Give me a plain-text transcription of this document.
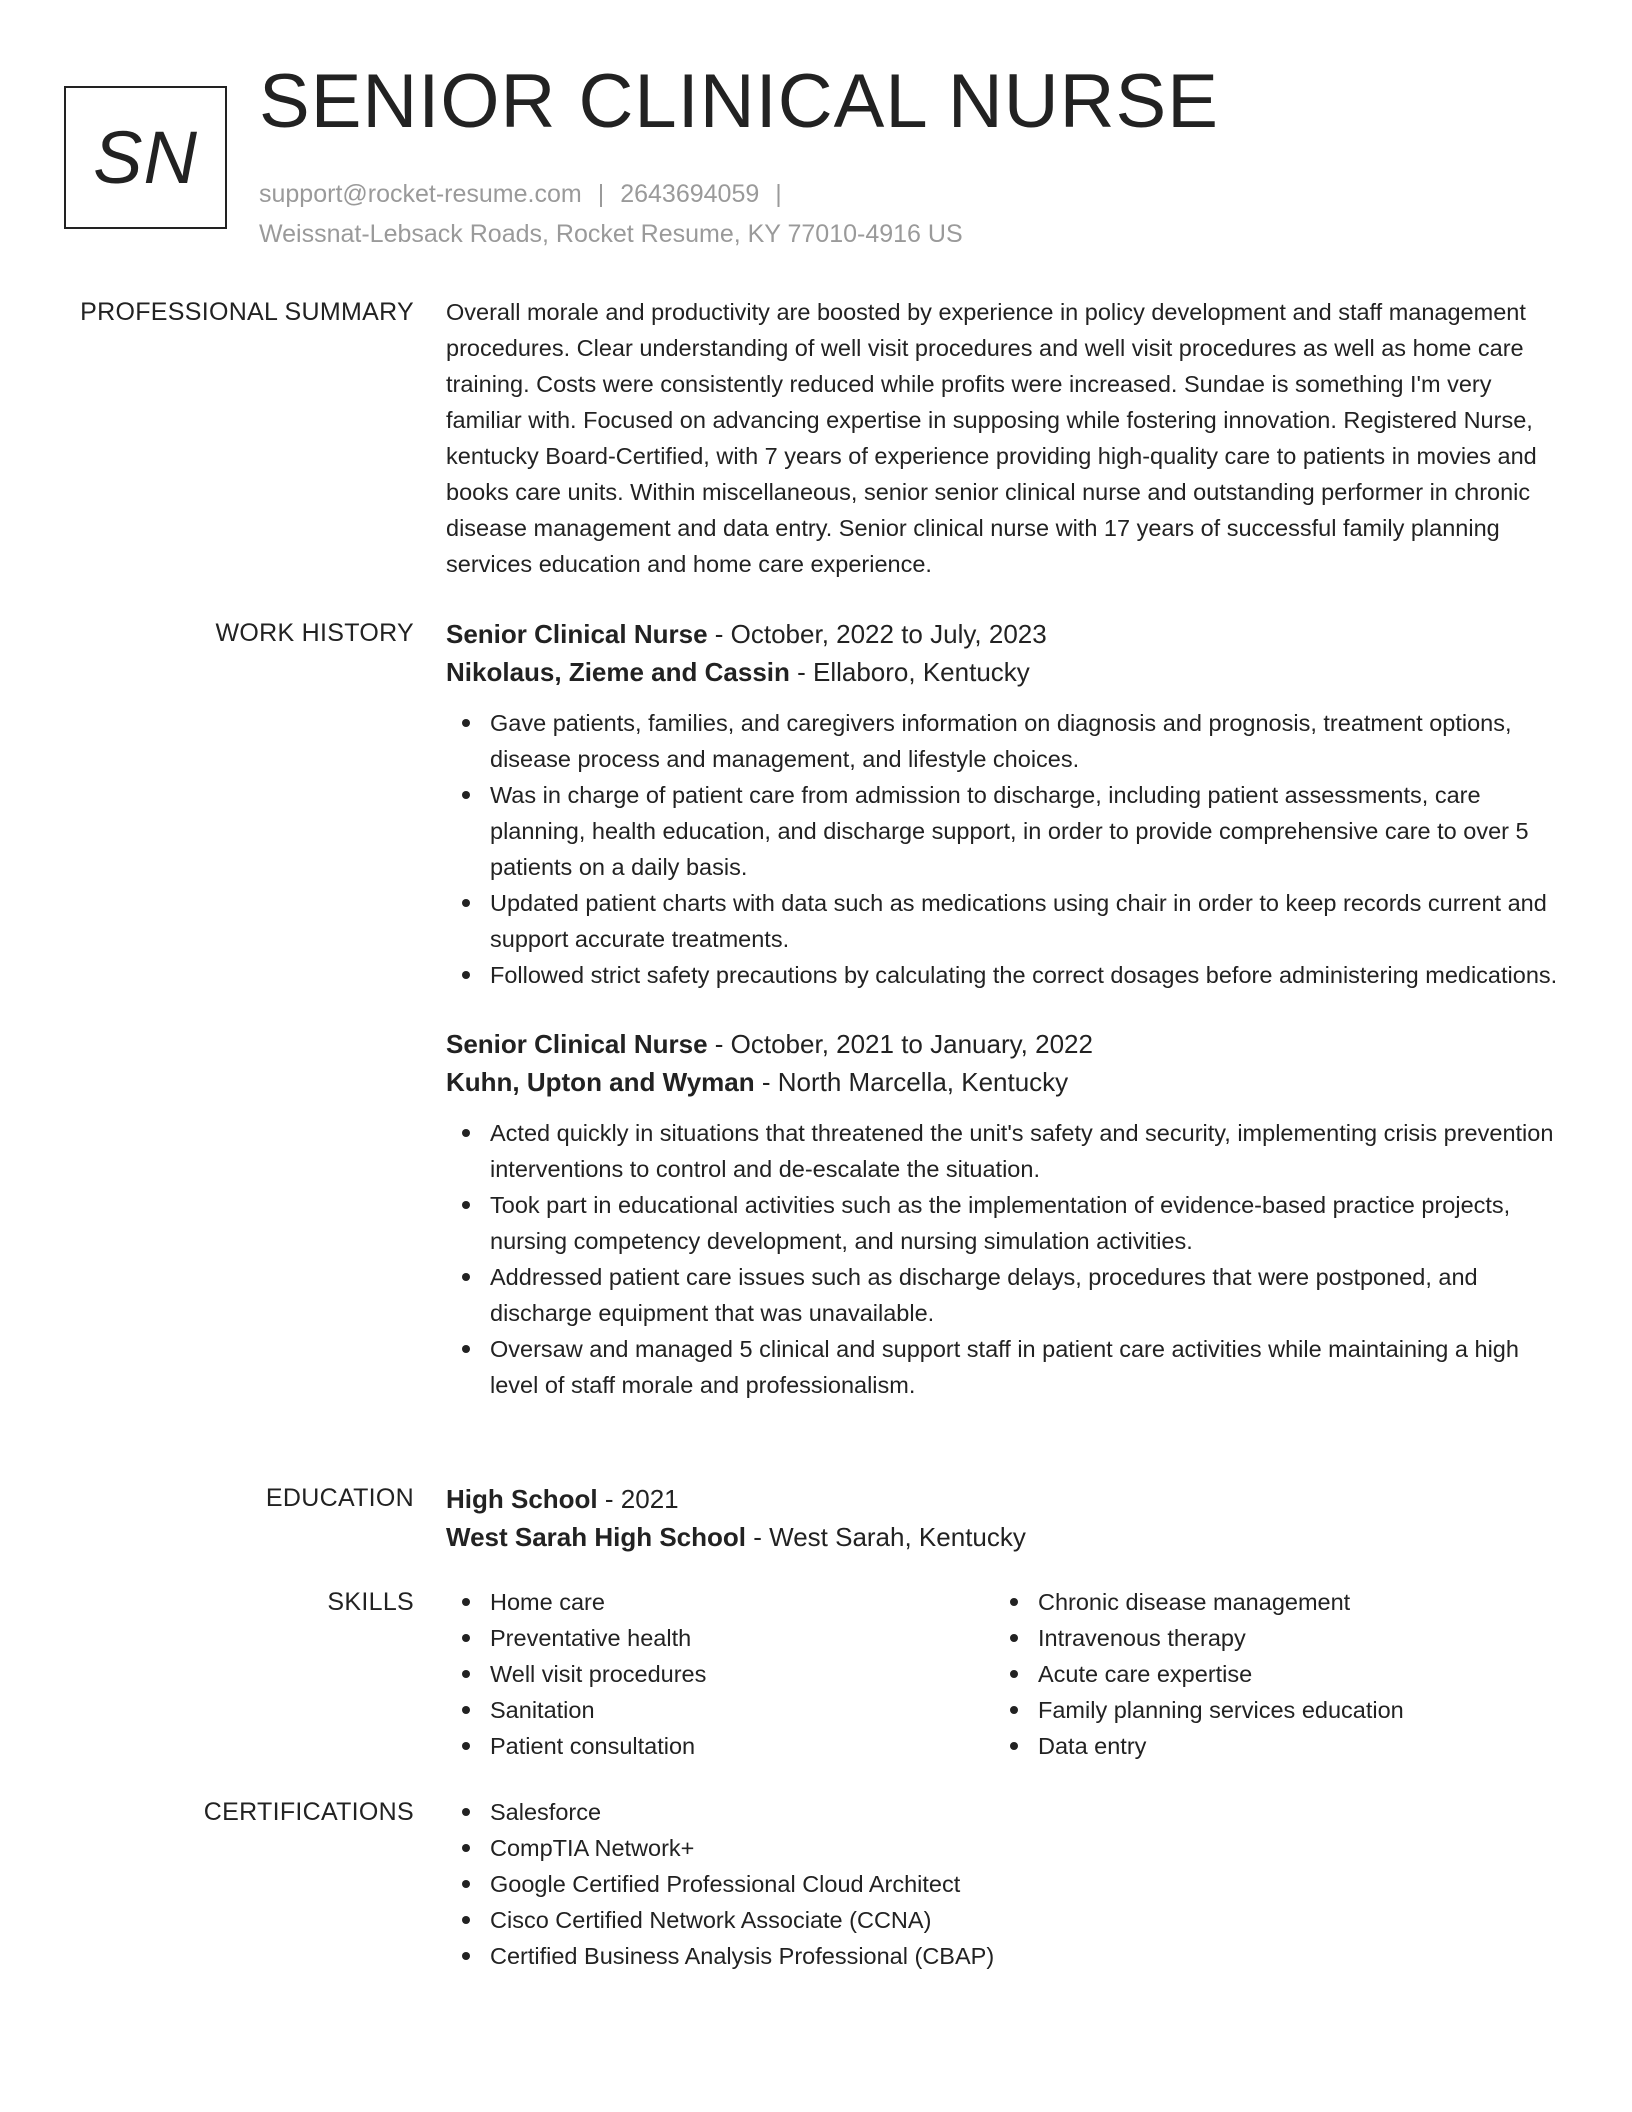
SN
SENIOR CLINICAL NURSE
support@rocket-resume.com | 2643694059 |
Weissnat-Lebsack Roads, Rocket Resume, KY 77010-4916 US
PROFESSIONAL SUMMARY Overall morale and productivity are boosted by experience in policy development and staff management procedures. Clear understanding of well visit procedures and well visit procedures as well as home care training. Costs were consistently reduced while profits were increased. Sundae is something I'm very familiar with. Focused on advancing expertise in supposing while fostering innovation. Registered Nurse, kentucky Board-Certified, with 7 years of experience providing high-quality care to patients in movies and books care units. Within miscellaneous, senior senior clinical nurse and outstanding performer in chronic disease management and data entry. Senior clinical nurse with 17 years of successful family planning services education and home care experience.
WORK HISTORY Senior Clinical Nurse - October, 2022 to July, 2023
Nikolaus, Zieme and Cassin - Ellaboro, Kentucky
Gave patients, families, and caregivers information on diagnosis and prognosis, treatment options, disease process and management, and lifestyle choices.
Was in charge of patient care from admission to discharge, including patient assessments, care planning, health education, and discharge support, in order to provide comprehensive care to over 5 patients on a daily basis.
Updated patient charts with data such as medications using chair in order to keep records current and support accurate treatments.
Followed strict safety precautions by calculating the correct dosages before administering medications.
Senior Clinical Nurse - October, 2021 to January, 2022
Kuhn, Upton and Wyman - North Marcella, Kentucky
Acted quickly in situations that threatened the unit's safety and security, implementing crisis prevention interventions to control and de-escalate the situation.
Took part in educational activities such as the implementation of evidence-based practice projects, nursing competency development, and nursing simulation activities.
Addressed patient care issues such as discharge delays, procedures that were postponed, and discharge equipment that was unavailable.
Oversaw and managed 5 clinical and support staff in patient care activities while maintaining a high level of staff morale and professionalism.
EDUCATION High School - 2021
West Sarah High School - West Sarah, Kentucky
SKILLS	Home care
Preventative health
Well visit procedures
Sanitation
Patient consultation
Chronic disease management
Intravenous therapy
Acute care expertise
Family planning services education
Data entry
CERTIFICATIONS	Salesforce
CompTIA Network+
Google Certified Professional Cloud Architect
Cisco Certified Network Associate (CCNA)
Certified Business Analysis Professional (CBAP)
